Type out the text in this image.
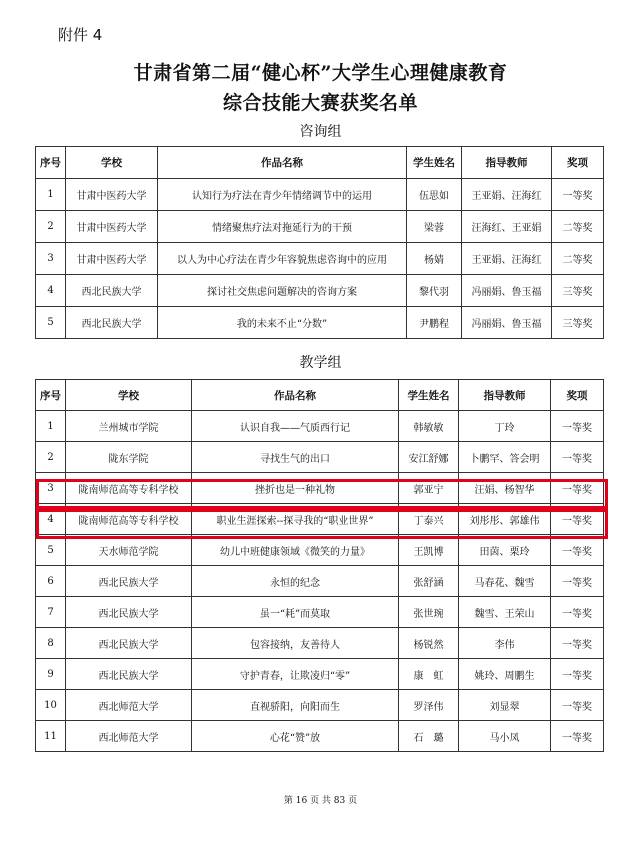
附件 4
甘肃省第二届“健心杯”大学生心理健康教育
综合技能大赛获奖名单
咨询组
序号	学校	作品名称	学生姓名	指导教师	奖项
1	甘肃中医药大学	认知行为疗法在青少年情绪调节中的运用	伍思如	王亚娟、汪海红	一等奖
2	甘肃中医药大学	情绪聚焦疗法对拖延行为的干预	梁蓉	汪海红、王亚娟	二等奖
3	甘肃中医药大学	以人为中心疗法在青少年容貌焦虑咨询中的应用	杨婧	王亚娟、汪海红	二等奖
4	西北民族大学	探讨社交焦虑问题解决的咨询方案	黎代羽	冯丽娟、鲁玉福	三等奖
5	西北民族大学	我的未来不止“分数”	尹鹏程	冯丽娟、鲁玉福	三等奖
教学组
序号	学校	作品名称	学生姓名	指导教师	奖项
1	兰州城市学院	认识自我——气质西行记	韩敏敏	丁玲	一等奖
2	陇东学院	寻找生气的出口	安江舒娜	卜鹏罕、答会明	一等奖
3	陇南师范高等专科学校	挫折也是一种礼物	郭亚宁	汪娟、杨智华	一等奖
4	陇南师范高等专科学校	职业生涯探索--探寻我的“职业世界”	丁泰兴	刘彤彤、郭雄伟	一等奖
5	天水师范学院	幼儿中班健康领域《微笑的力量》	王凯博	田茵、栗玲	一等奖
6	西北民族大学	永恒的纪念	张舒涵	马春花、魏雪	一等奖
7	西北民族大学	虽一“耗”而莫取	张世琬	魏雪、王荣山	一等奖
8	西北民族大学	包容接纳，友善待人	杨锐然	李伟	一等奖
9	西北民族大学	守护青春，让欺凌归“零”	康　虹	姚玲、周鹏生	一等奖
10	西北师范大学	直视骄阳，向阳而生	罗泽伟	刘显翠	一等奖
11	西北师范大学	心花“赞”放	石　璐	马小凤	一等奖
第 16 页 共 83 页
